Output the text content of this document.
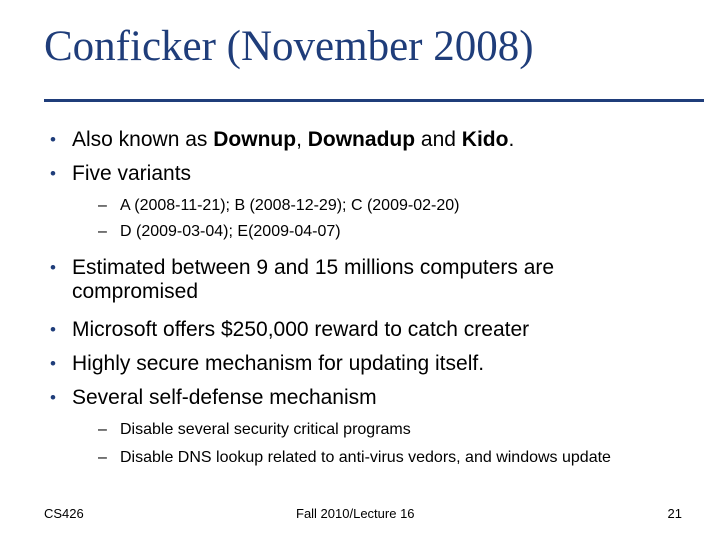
Conficker (November 2008)
• Also known as Downup, Downadup and Kido.
• Five variants
– A (2008-11-21); B (2008-12-29); C (2009-02-20)
– D (2009-03-04); E(2009-04-07)
• Estimated between 9 and 15 millions computers are compromised
• Microsoft offers $250,000 reward to catch creater
• Highly secure mechanism for updating itself.
• Several self-defense mechanism
– Disable several security critical programs
– Disable DNS lookup related to anti-virus vedors, and windows update
CS426	Fall 2010/Lecture 16	21
